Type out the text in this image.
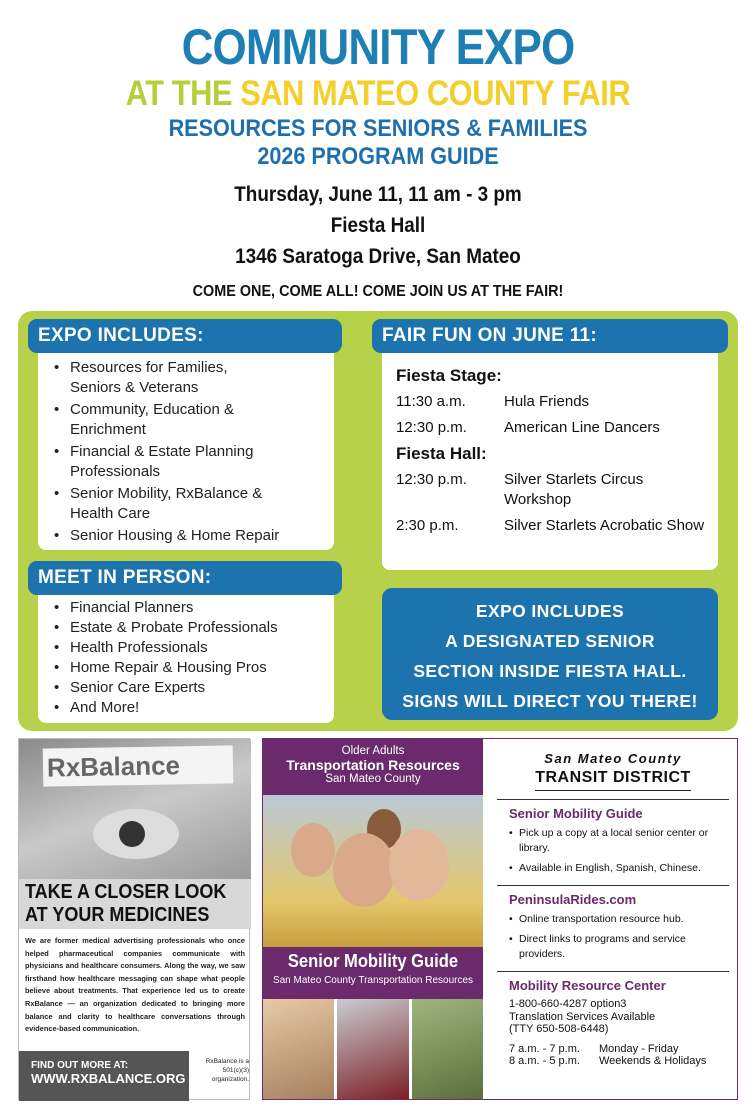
COMMUNITY EXPO
AT THE SAN MATEO COUNTY FAIR
RESOURCES FOR SENIORS & FAMILIES
2026 PROGRAM GUIDE
Thursday, June 11, 11 am - 3 pm
Fiesta Hall
1346 Saratoga Drive, San Mateo
COME ONE, COME ALL! COME JOIN US AT THE FAIR!
• Resources for Families, Seniors & Veterans
• Community, Education & Enrichment
• Financial & Estate Planning Professionals
• Senior Mobility, RxBalance & Health Care
• Senior Housing & Home Repair
EXPO INCLUDES:
• Financial Planners
• Estate & Probate Professionals
• Health Professionals
• Home Repair & Housing Pros
• Senior Care Experts
• And More!
MEET IN PERSON:
Fiesta Stage:
11:30 a.m.	Hula Friends
12:30 p.m.	American Line Dancers
Fiesta Hall:
12:30 p.m.	Silver Starlets Circus Workshop
2:30 p.m.	Silver Starlets Acrobatic Show
FAIR FUN ON JUNE 11:
EXPO INCLUDES
A DESIGNATED SENIOR
SECTION INSIDE FIESTA HALL.
SIGNS WILL DIRECT YOU THERE!
RxBalance
TAKE A CLOSER LOOK
AT YOUR MEDICINES
We are former medical advertising professionals who once helped pharmaceutical companies communicate with physicians and healthcare consumers. Along the way, we saw firsthand how healthcare messaging can shape what people believe about treatments. That experience led us to create RxBalance — an organization dedicated to bringing more balance and clarity to healthcare conversations through evidence-based communication.
FIND OUT MORE AT:
WWW.RXBALANCE.ORG
RxBalance is a 501(c)(3) organization.
Older Adults
Transportation Resources
San Mateo County
Senior Mobility Guide
San Mateo County Transportation Resources
San Mateo County
TRANSIT DISTRICT
Senior Mobility Guide
• Pick up a copy at a local senior center or library.
• Available in English, Spanish, Chinese.
PeninsulaRides.com
• Online transportation resource hub.
• Direct links to programs and service providers.
Mobility Resource Center
1-800-660-4287 option3
Translation Services Available
(TTY 650-508-6448)
7 a.m. - 7 p.m.	Monday - Friday
8 a.m. - 5 p.m.	Weekends & Holidays
